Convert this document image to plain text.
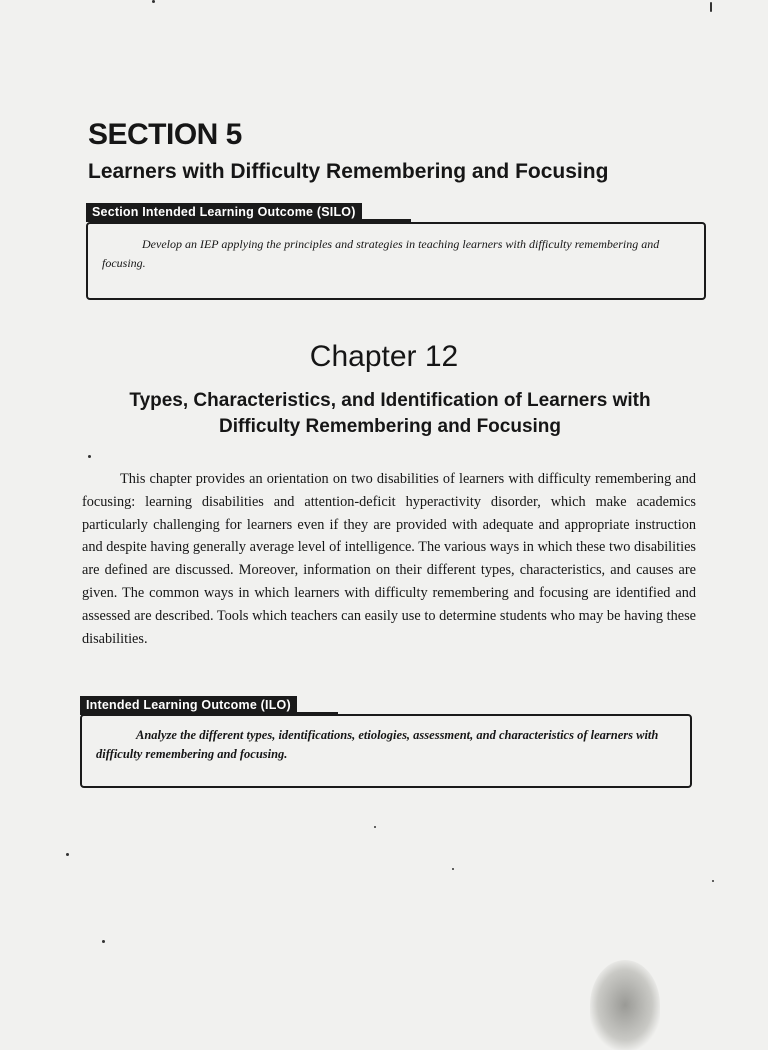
SECTION 5
Learners with Difficulty Remembering and Focusing
Section Intended Learning Outcome (SILO)

Develop an IEP applying the principles and strategies in teaching learners with difficulty remembering and focusing.

Chapter 12
Types, Characteristics, and Identification of Learners with Difficulty Remembering and Focusing

This chapter provides an orientation on two disabilities of learners with difficulty remembering and focusing: learning disabilities and attention-deficit hyperactivity disorder, which make academics particularly challenging for learners even if they are provided with adequate and appropriate instruction and despite having generally average level of intelligence. The various ways in which these two disabilities are defined are discussed. Moreover, information on their different types, characteristics, and causes are given. The common ways in which learners with difficulty remembering and focusing are identified and assessed are described. Tools which teachers can easily use to determine students who may be having these disabilities.

Intended Learning Outcome (ILO)

Analyze the different types, identifications, etiologies, assessment, and characteristics of learners with difficulty remembering and focusing.
